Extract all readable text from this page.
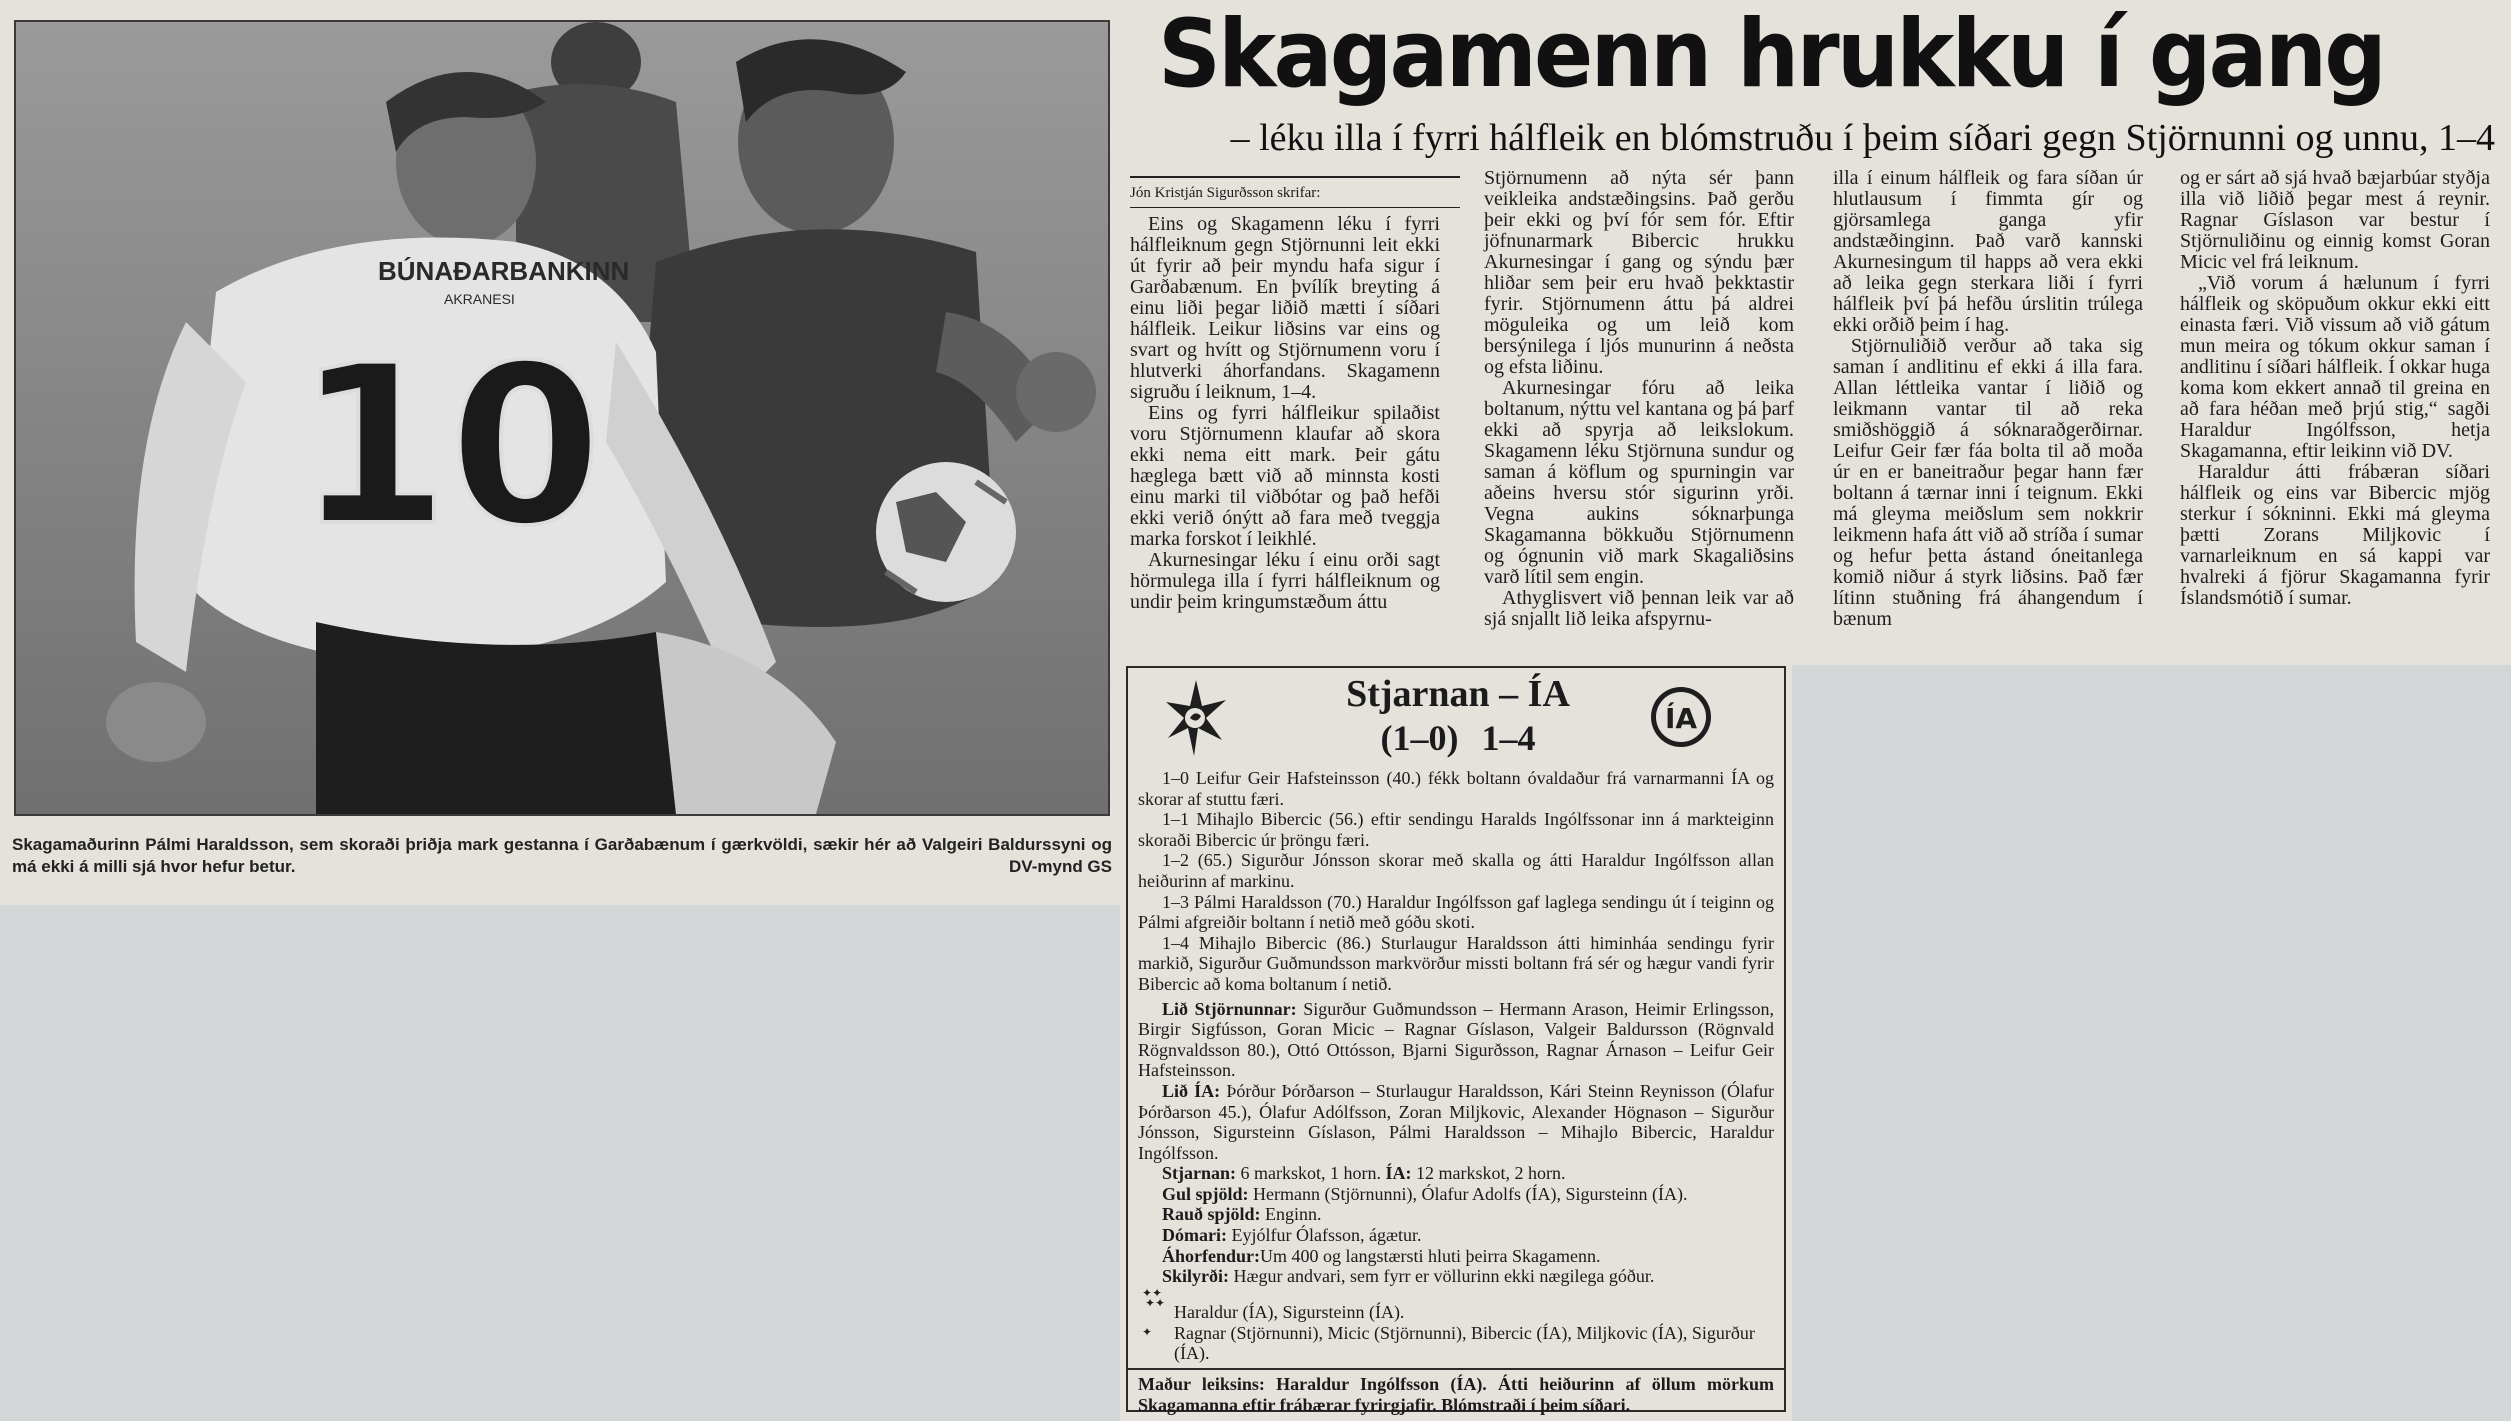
BÚNAÐARBANKINN
AKRANESI
10
Skagamaðurinn Pálmi Haraldsson, sem skoraði þriðja mark gestanna í Garðabænum í gærkvöldi, sækir hér að Valgeiri Baldurssyni og má ekki á milli sjá hvor hefur betur.	DV-mynd GS
Skagamenn hrukku í gang
– léku illa í fyrri hálfleik en blómstruðu í þeim síðari gegn Stjörnunni og unnu, 1–4
Jón Kristján Sigurðsson skrifar:

Eins og Skagamenn léku í fyrri hálfleiknum gegn Stjörnunni leit ekki út fyrir að þeir myndu hafa sigur í Garðabænum. En þvílík breyting á einu liði þegar liðið mætti í síðari hálfleik. Leikur liðsins var eins og svart og hvítt og Stjörnumenn voru í hlutverki áhorfandans. Skagamenn sigruðu í leiknum, 1–4.

Eins og fyrri hálfleikur spilaðist voru Stjörnumenn klaufar að skora ekki nema eitt mark. Þeir gátu hæglega bætt við að minnsta kosti einu marki til viðbótar og það hefði ekki verið ónýtt að fara með tveggja marka forskot í leikhlé.

Akurnesingar léku í einu orði sagt hörmulega illa í fyrri hálfleiknum og undir þeim kringumstæðum áttu

Stjörnumenn að nýta sér þann veikleika andstæðingsins. Það gerðu þeir ekki og því fór sem fór. Eftir jöfnunarmark Bibercic hrukku Akurnesingar í gang og sýndu þær hliðar sem þeir eru hvað þekktastir fyrir. Stjörnumenn áttu þá aldrei möguleika og um leið kom bersýnilega í ljós munurinn á neðsta og efsta liðinu.

Akurnesingar fóru að leika boltanum, nýttu vel kantana og þá þarf ekki að spyrja að leikslokum. Skagamenn léku Stjörnuna sundur og saman á köflum og spurningin var aðeins hversu stór sigurinn yrði. Vegna aukins sóknarþunga Skagamanna bökkuðu Stjörnumenn og ógnunin við mark Skagaliðsins varð lítil sem engin.

Athyglisvert við þennan leik var að sjá snjallt lið leika afspyrnu-

illa í einum hálfleik og fara síðan úr hlutlausum í fimmta gír og gjörsamlega ganga yfir andstæðinginn. Það varð kannski Akurnesingum til happs að vera ekki að leika gegn sterkara liði í fyrri hálfleik því þá hefðu úrslitin trúlega ekki orðið þeim í hag.

Stjörnuliðið verður að taka sig saman í andlitinu ef ekki á illa fara. Allan léttleika vantar í liðið og leikmann vantar til að reka smiðshöggið á sóknaraðgerðirnar. Leifur Geir fær fáa bolta til að moða úr en er baneitraður þegar hann fær boltann á tærnar inni í teignum. Ekki má gleyma meiðslum sem nokkrir leikmenn hafa átt við að stríða í sumar og hefur þetta ástand óneitanlega komið niður á styrk liðsins. Það fær lítinn stuðning frá áhangendum í bænum

og er sárt að sjá hvað bæjarbúar styðja illa við liðið þegar mest á reynir. Ragnar Gíslason var bestur í Stjörnuliðinu og einnig komst Goran Micic vel frá leiknum.

„Við vorum á hælunum í fyrri hálfleik og sköpuðum okkur ekki eitt einasta færi. Við vissum að við gátum mun meira og tókum okkur saman í andlitinu í síðari hálfleik. Í okkar huga koma kom ekkert annað til greina en að fara héðan með þrjú stig,“ sagði Haraldur Ingólfsson, hetja Skagamanna, eftir leikinn við DV.

Haraldur átti frábæran síðari hálfleik og eins var Bibercic mjög sterkur í sókninni. Ekki má gleyma þætti Zorans Miljkovic í varnarleiknum en sá kappi var hvalreki á fjörur Skagamanna fyrir Íslandsmótið í sumar.

Stjarnan – ÍA
(1–0) 1–4	ÍA

1–0 Leifur Geir Hafsteinsson (40.) fékk boltann óvaldaður frá varnarmanni ÍA og skorar af stuttu færi.

1–1 Mihajlo Bibercic (56.) eftir sendingu Haralds Ingólfssonar inn á markteiginn skoraði Bibercic úr þröngu færi.

1–2 (65.) Sigurður Jónsson skorar með skalla og átti Haraldur Ingólfsson allan heiðurinn af markinu.

1–3 Pálmi Haraldsson (70.) Haraldur Ingólfsson gaf laglega sendingu út í teiginn og Pálmi afgreiðir boltann í netið með góðu skoti.

1–4 Mihajlo Bibercic (86.) Sturlaugur Haraldsson átti himinháa sendingu fyrir markið, Sigurður Guðmundsson markvörður missti boltann frá sér og hægur vandi fyrir Bibercic að koma boltanum í netið.

Lið Stjörnunnar: Sigurður Guðmundsson – Hermann Arason, Heimir Erlingsson, Birgir Sigfússon, Goran Micic – Ragnar Gíslason, Valgeir Baldursson (Rögnvald Rögnvaldsson 80.), Ottó Ottósson, Bjarni Sigurðsson, Ragnar Árnason – Leifur Geir Hafsteinsson.

Lið ÍA: Þórður Þórðarson – Sturlaugur Haraldsson, Kári Steinn Reynisson (Ólafur Þórðarson 45.), Ólafur Adólfsson, Zoran Miljkovic, Alexander Högnason – Sigurður Jónsson, Sigursteinn Gíslason, Pálmi Haraldsson – Mihajlo Bibercic, Haraldur Ingólfsson.

Stjarnan: 6 markskot, 1 horn. ÍA: 12 markskot, 2 horn.

Gul spjöld: Hermann (Stjörnunni), Ólafur Adolfs (ÍA), Sigursteinn (ÍA).

Rauð spjöld: Enginn.

Dómari: Eyjólfur Ólafsson, ágætur.

Áhorfendur:Um 400 og langstærsti hluti þeirra Skagamenn.

Skilyrði: Hægur andvari, sem fyrr er völlurinn ekki nægilega góður.

✦✦
✦✦ Haraldur (ÍA), Sigursteinn (ÍA).
✦ Ragnar (Stjörnunni), Micic (Stjörnunni), Bibercic (ÍA), Miljkovic (ÍA), Sigurður (ÍA).
Maður leiksins: Haraldur Ingólfsson (ÍA). Átti heiðurinn af öllum mörkum Skagamanna eftir frábærar fyrirgjafir. Blómstraði í þeim síðari.
